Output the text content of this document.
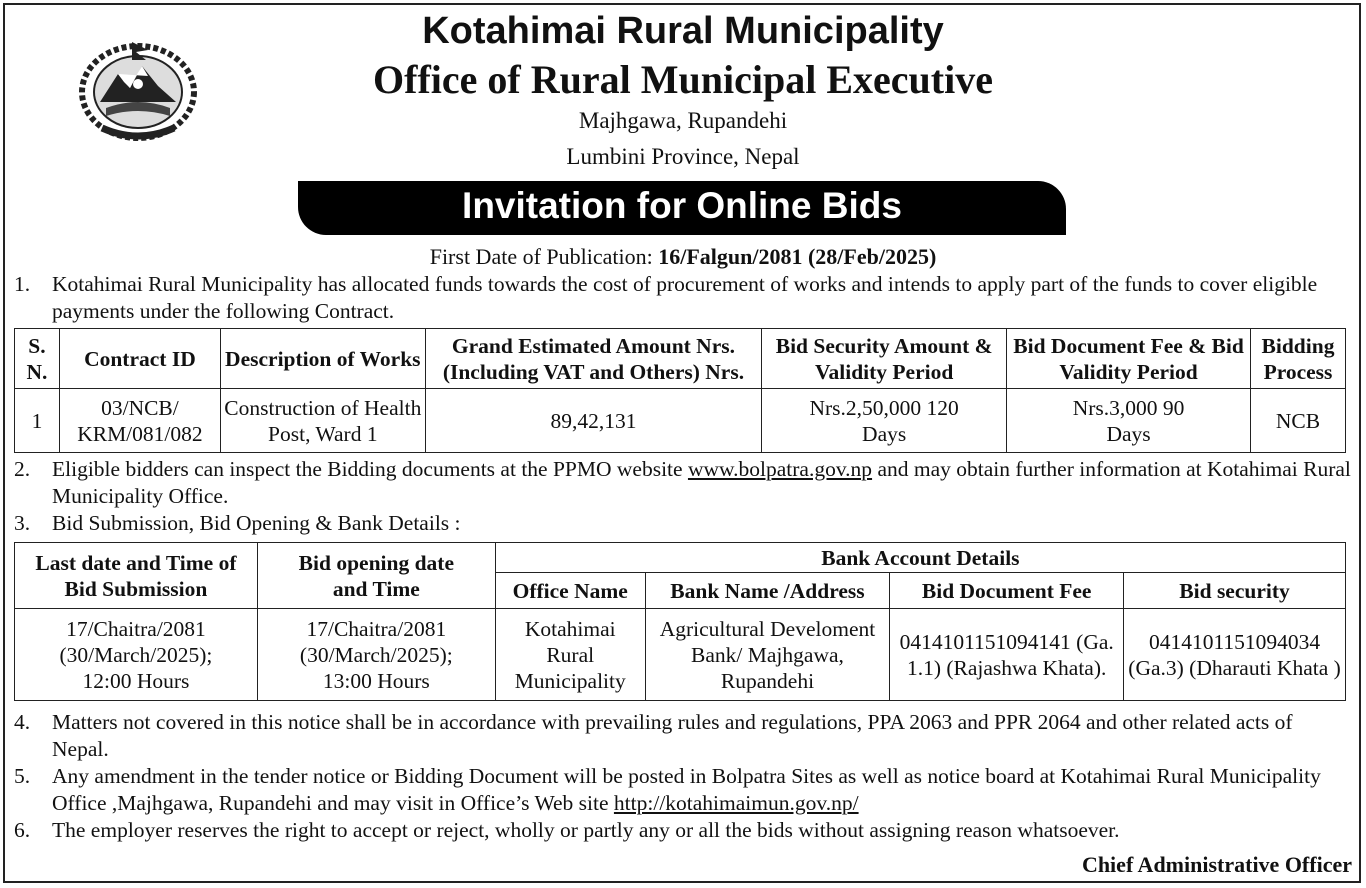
Kotahimai Rural Municipality
Office of Rural Municipal Executive
Majhgawa, Rupandehi
Lumbini Province, Nepal
Invitation for Online Bids
First Date of Publication: 16/Falgun/2081 (28/Feb/2025)
1.	Kotahimai Rural Municipality has allocated funds towards the cost of procurement of works and intends to apply part of the funds to cover eligible payments under the following Contract.
S. N.	Contract ID	Description of Works	Grand Estimated Amount Nrs. (Including VAT and Others) Nrs.	Bid Security Amount & Validity Period	Bid Document Fee & Bid Validity Period	Bidding Process
1	03/NCB/ KRM/081/082	Construction of Health Post, Ward 1	89,42,131	Nrs.2,50,000 120 Days	Nrs.3,000 90 Days	NCB
2.	Eligible bidders can inspect the Bidding documents at the PPMO website www.bolpatra.gov.np and may obtain further information at Kotahimai Rural Municipality Office.
3.	Bid Submission, Bid Opening & Bank Details :
Last date and Time of Bid Submission	Bid opening date and Time	Bank Account Details			
		Office Name	Bank Name /Address	Bid Document Fee	Bid security
17/Chaitra/2081 (30/March/2025); 12:00 Hours	17/Chaitra/2081 (30/March/2025); 13:00 Hours	Kotahimai Rural Municipality	Agricultural Develoment Bank/ Majhgawa, Rupandehi	0414101151094141 (Ga. 1.1) (Rajashwa Khata).	0414101151094034 (Ga.3) (Dharauti Khata )
4.	Matters not covered in this notice shall be in accordance with prevailing rules and regulations, PPA 2063 and PPR 2064 and other related acts of Nepal.
5.	Any amendment in the tender notice or Bidding Document will be posted in Bolpatra Sites as well as notice board at Kotahimai Rural Municipality Office ,Majhgawa, Rupandehi and may visit in Office’s Web site http://kotahimaimun.gov.np/
6.	The employer reserves the right to accept or reject, wholly or partly any or all the bids without assigning reason whatsoever.
Chief Administrative Officer
